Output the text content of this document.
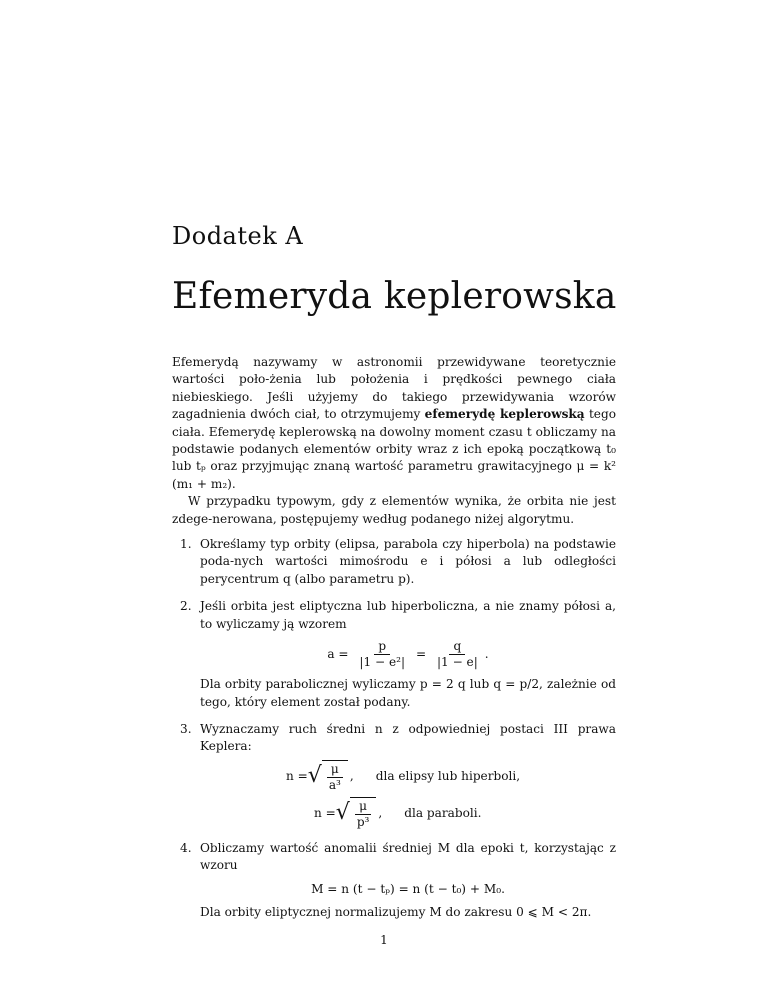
Dodatek A
Efemeryda keplerowska

Efemerydą nazywamy w astronomii przewidywane teoretycznie wartości poło-żenia lub położenia i prędkości pewnego ciała niebieskiego. Jeśli użyjemy do takiego przewidywania wzorów zagadnienia dwóch ciał, to otrzymujemy efemerydę keplerowską tego ciała. Efemerydę keplerowską na dowolny moment czasu t obliczamy na podstawie podanych elementów orbity wraz z ich epoką początkową t₀ lub tₚ oraz przyjmując znaną wartość parametru grawitacyjnego μ = k² (m₁ + m₂).

W przypadku typowym, gdy z elementów wynika, że orbita nie jest zdege-nerowana, postępujemy według podanego niżej algorytmu.

1. Określamy typ orbity (elipsa, parabola czy hiperbola) na podstawie poda-nych wartości mimośrodu e i półosi a lub odległości perycentrum q (albo parametru p).

2. Jeśli orbita jest eliptyczna lub hiperboliczna, a nie znamy półosi a, to wyliczamy ją wzorem

$a = \frac{p}{\text{|1 − e²|}} = \frac{q}{|1 - e|}$ .

Dla orbity parabolicznej wyliczamy p = 2 q lub q = p/2, zależnie od tego, który element został podany.

3. Wyznaczamy ruch średni n z odpowiedniej postaci III prawa Keplera:

n = √ $\frac{\mu}{\text{a³}}$ , dla elipsy lub hiperboli,
n = √ $\frac{\mu}{\text{p³}}$ , dla paraboli.
4. Obliczamy wartość anomalii średniej M dla epoki t, korzystając z wzoru

M = n (t − tₚ) = n (t − t₀) + M₀.

Dla orbity eliptycznej normalizujemy M do zakresu 0 ⩽ M < 2π.

1
